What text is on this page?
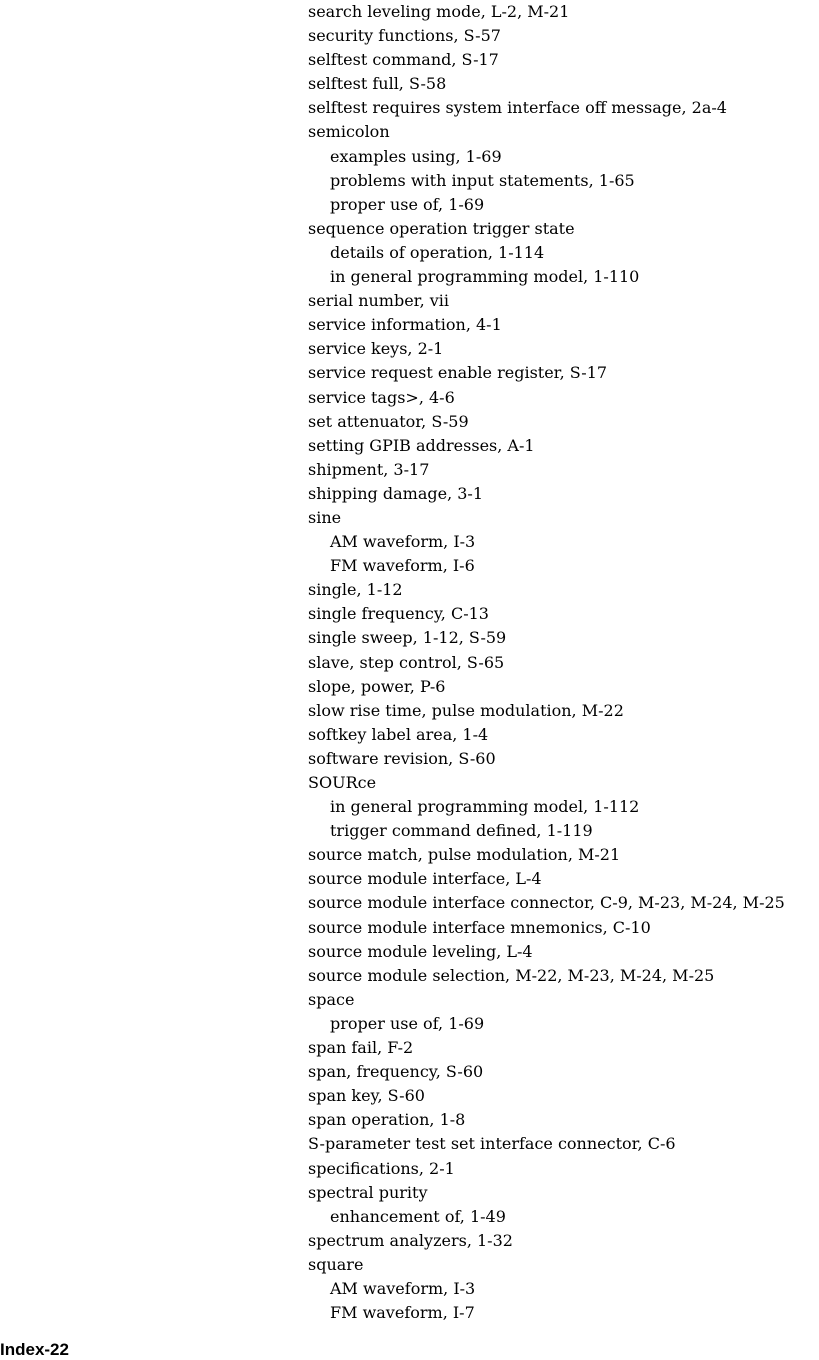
search leveling mode, L-2, M-21
security functions, S-57
selftest command, S-17
selftest full, S-58
selftest requires system interface off message, 2a-4
semicolon
examples using, 1-69
problems with input statements, 1-65
proper use of, 1-69
sequence operation trigger state
details of operation, 1-114
in general programming model, 1-110
serial number, vii
service information, 4-1
service keys, 2-1
service request enable register, S-17
service tags>, 4-6
set attenuator, S-59
setting GPIB addresses, A-1
shipment, 3-17
shipping damage, 3-1
sine
AM waveform, I-3
FM waveform, I-6
single, 1-12
single frequency, C-13
single sweep, 1-12, S-59
slave, step control, S-65
slope, power, P-6
slow rise time, pulse modulation, M-22
softkey label area, 1-4
software revision, S-60
SOURce
in general programming model, 1-112
trigger command defined, 1-119
source match, pulse modulation, M-21
source module interface, L-4
source module interface connector, C-9, M-23, M-24, M-25
source module interface mnemonics, C-10
source module leveling, L-4
source module selection, M-22, M-23, M-24, M-25
space
proper use of, 1-69
span fail, F-2
span, frequency, S-60
span key, S-60
span operation, 1-8
S-parameter test set interface connector, C-6
specifications, 2-1
spectral purity
enhancement of, 1-49
spectrum analyzers, 1-32
square
AM waveform, I-3
FM waveform, I-7
Index-22
